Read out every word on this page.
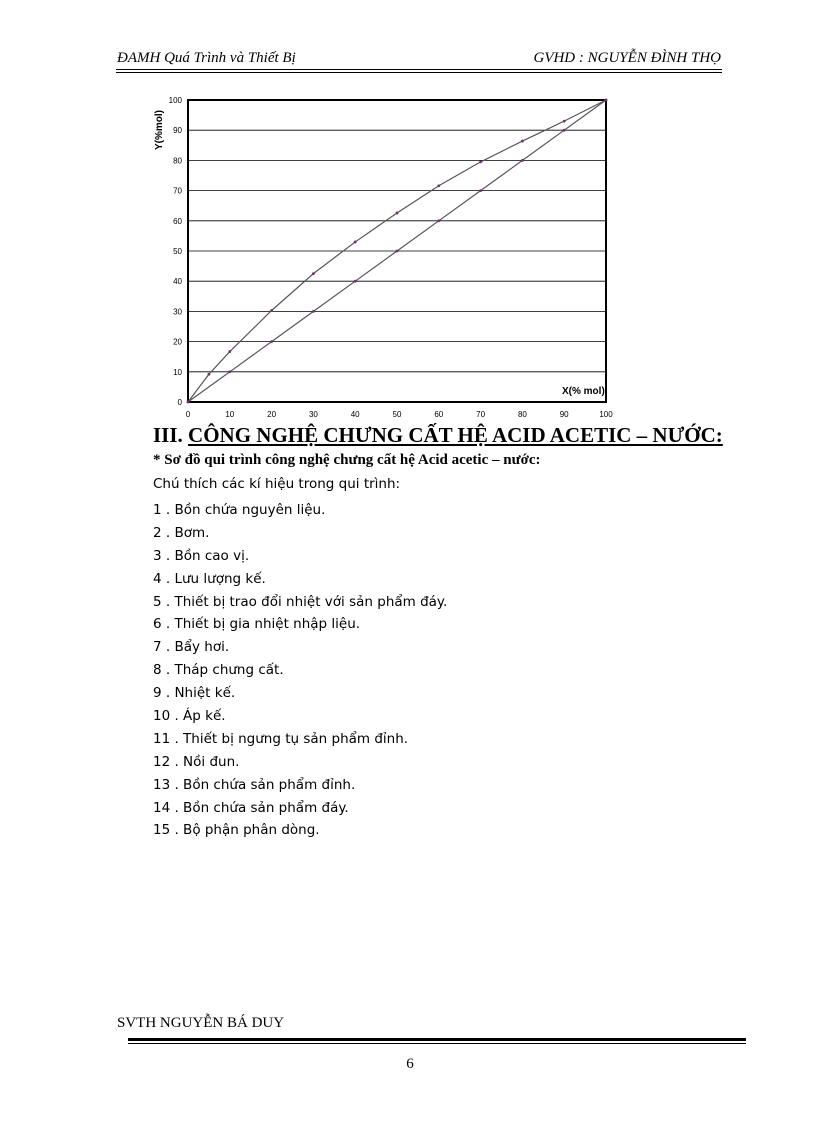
ĐAMH Quá Trình và Thiết Bị	GVHD : NGUYỄN ĐÌNH THỌ
0
10
20
30
40
50
60
70
80
90
100
0	10	20	30	40	50	60	70	80	90	100
X(% mol)
Y(%mol)
III. CÔNG NGHỆ CHƯNG CẤT HỆ ACID ACETIC – NƯỚC:
* Sơ đồ qui trình công nghệ chưng cất hệ Acid acetic – nước:
Chú thích các kí hiệu trong qui trình:
1 . Bồn chứa nguyên liệu.
2 . Bơm.
3 . Bồn cao vị.
4 . Lưu lượng kế.
5 . Thiết bị trao đổi nhiệt với sản phẩm đáy.
6 . Thiết bị gia nhiệt nhập liệu.
7 . Bẩy hơi.
8 . Tháp chưng cất.
9 . Nhiệt kế.
10 . Áp kế.
11 . Thiết bị ngưng tụ sản phẩm đỉnh.
12 . Nồi đun.
13 . Bồn chứa sản phẩm đỉnh.
14 . Bồn chứa sản phẩm đáy.
15 . Bộ phận phân dòng.
SVTH NGUYỄN BÁ DUY
6
